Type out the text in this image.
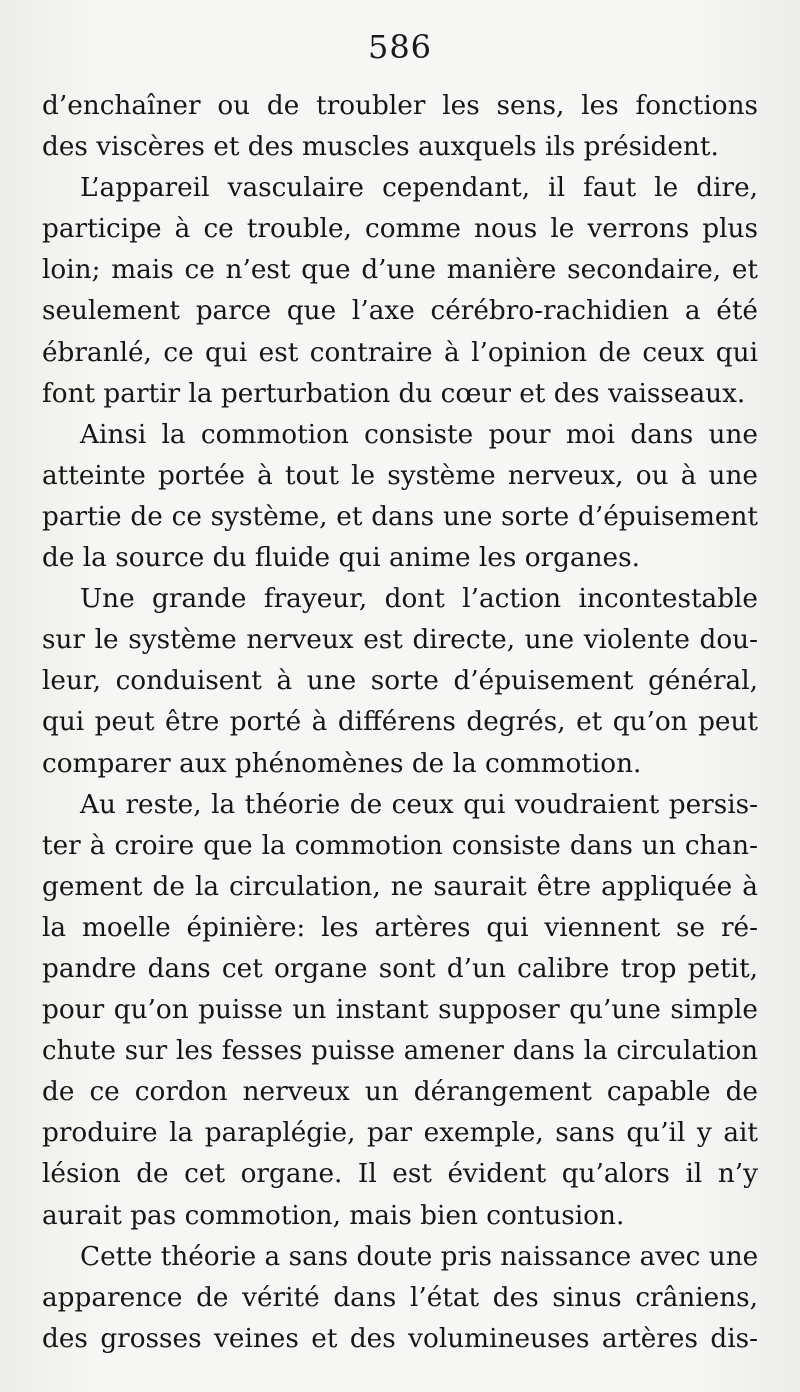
586
d’enchaîner ou de troubler les sens, les fonctions
des viscères et des muscles auxquels ils président.
L’appareil vasculaire cependant, il faut le dire,
participe à ce trouble, comme nous le verrons plus
loin; mais ce n’est que d’une manière secondaire, et
seulement parce que l’axe cérébro-rachidien a été
ébranlé, ce qui est contraire à l’opinion de ceux qui
font partir la perturbation du cœur et des vaisseaux.
Ainsi la commotion consiste pour moi dans une
atteinte portée à tout le système nerveux, ou à une
partie de ce système, et dans une sorte d’épuisement
de la source du fluide qui anime les organes.
Une grande frayeur, dont l’action incontestable
sur le système nerveux est directe, une violente dou-
leur, conduisent à une sorte d’épuisement général,
qui peut être porté à différens degrés, et qu’on peut
comparer aux phénomènes de la commotion.
Au reste, la théorie de ceux qui voudraient persis-
ter à croire que la commotion consiste dans un chan-
gement de la circulation, ne saurait être appliquée à
la moelle épinière: les artères qui viennent se ré-
pandre dans cet organe sont d’un calibre trop petit,
pour qu’on puisse un instant supposer qu’une simple
chute sur les fesses puisse amener dans la circulation
de ce cordon nerveux un dérangement capable de
produire la paraplégie, par exemple, sans qu’il y ait
lésion de cet organe. Il est évident qu’alors il n’y
aurait pas commotion, mais bien contusion.
Cette théorie a sans doute pris naissance avec une
apparence de vérité dans l’état des sinus crâniens,
des grosses veines et des volumineuses artères dis-
